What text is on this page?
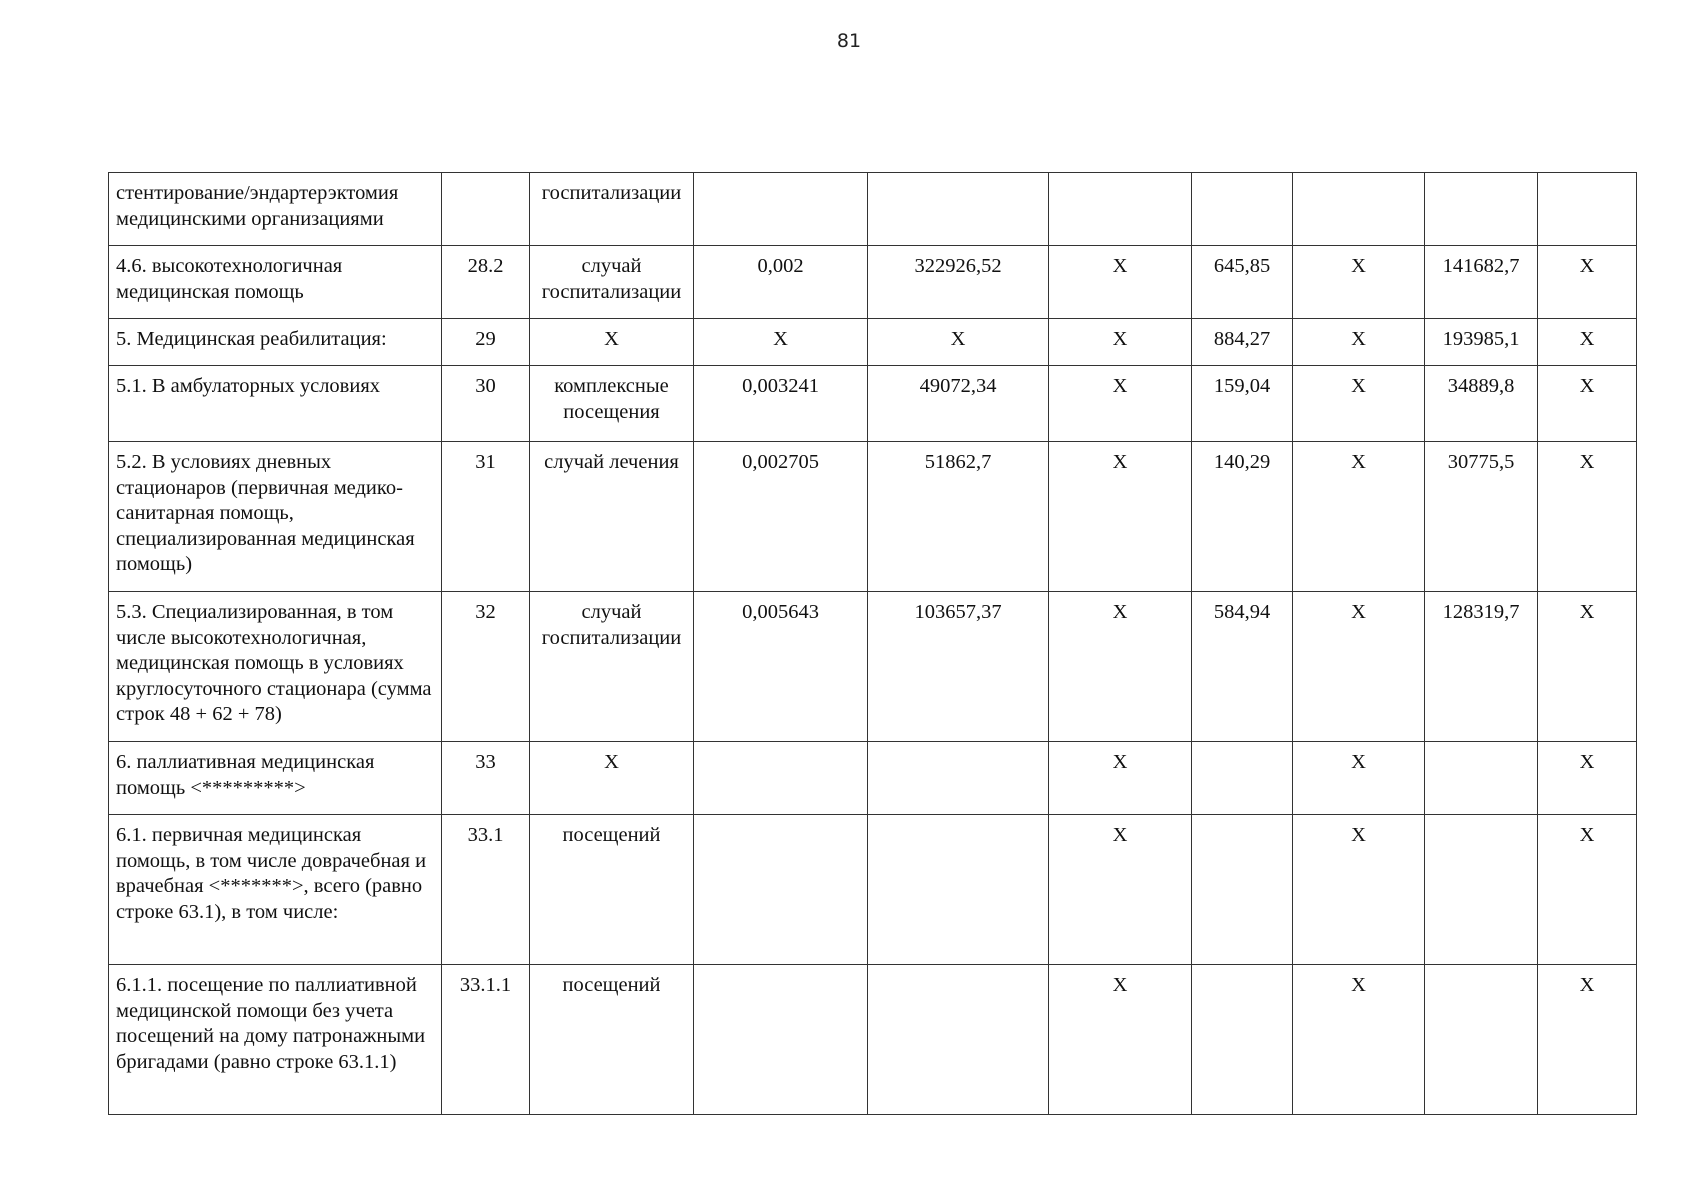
81
стентирование/эндартерэктомия медицинскими организациями		госпитализации							
4.6. высокотехнологичная медицинская помощь	28.2	случай госпитализации	0,002	322926,52	X	645,85	X	141682,7	X
5. Медицинская реабилитация:	29	X	X	X	X	884,27	X	193985,1	X
5.1. В амбулаторных условиях	30	комплексные посещения	0,003241	49072,34	X	159,04	X	34889,8	X
5.2. В условиях дневных стационаров (первичная медико-санитарная помощь, специализированная медицинская помощь)	31	случай лечения	0,002705	51862,7	X	140,29	X	30775,5	X
5.3. Специализированная, в том числе высокотехнологичная, медицинская помощь в условиях круглосуточного стационара (сумма строк 48 + 62 + 78)	32	случай госпитализации	0,005643	103657,37	X	584,94	X	128319,7	X
6. паллиативная медицинская помощь <*********>	33	X			X		X		X
6.1. первичная медицинская помощь, в том числе доврачебная и врачебная <*******>, всего (равно строке 63.1), в том числе:	33.1	посещений			X		X		X
6.1.1. посещение по паллиативной медицинской помощи без учета посещений на дому патронажными бригадами (равно строке 63.1.1)	33.1.1	посещений			X		X		X
